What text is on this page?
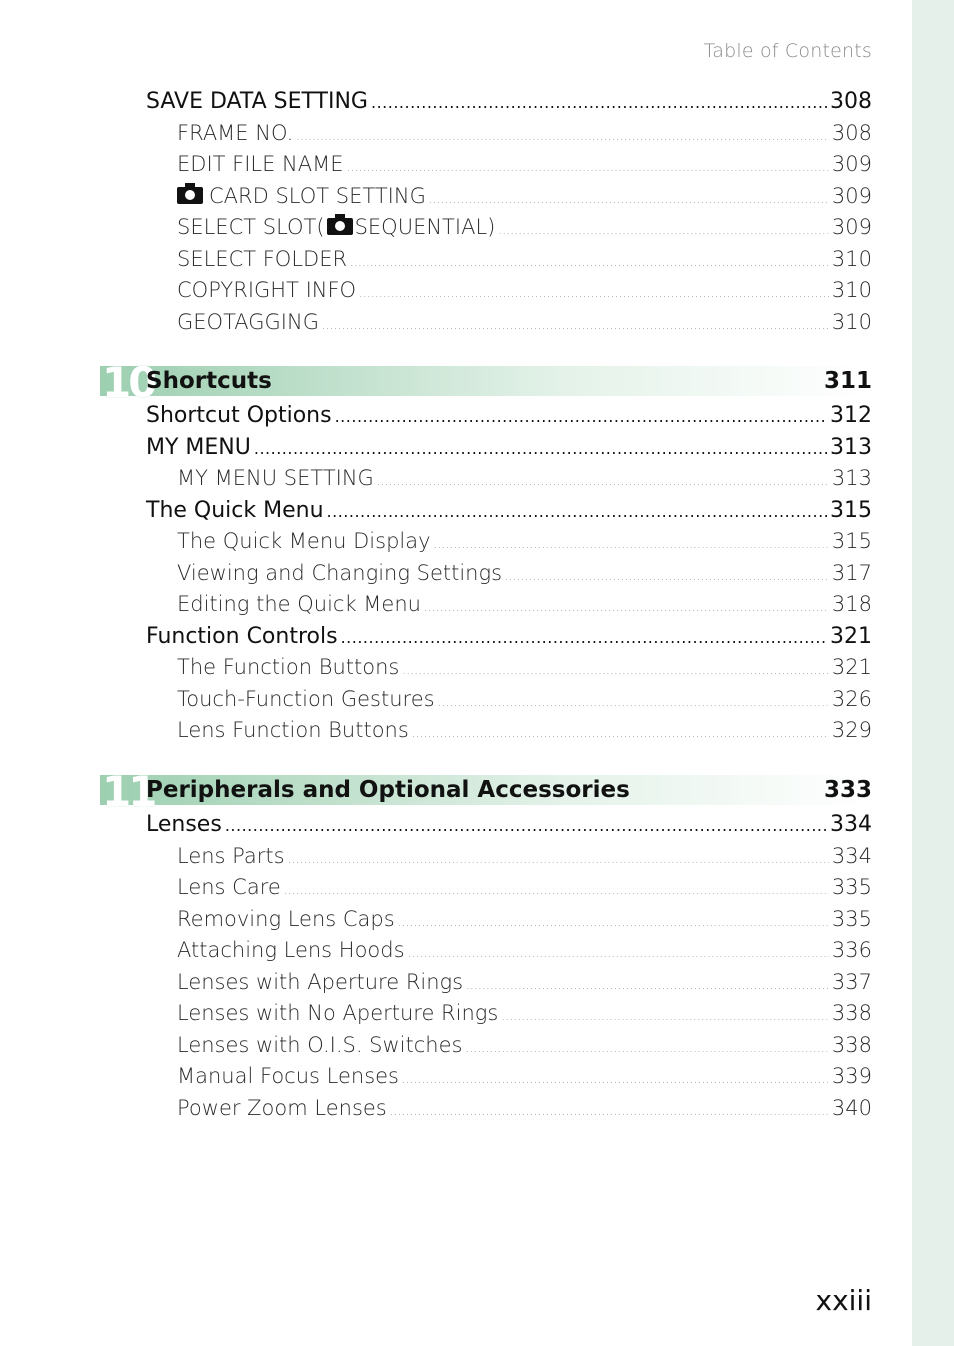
Table of Contents
SAVE DATA SETTING .....	308
FRAME NO. .....	308
EDIT FILE NAME .....	309
CARD SLOT SETTING .....	309
SELECT SLOT( SEQUENTIAL) .....	309
SELECT FOLDER .....	310
COPYRIGHT INFO .....	310
GEOTAGGING .....	310
10
Shortcuts	311
Shortcut Options .....	312
MY MENU .....	313
MY MENU SETTING .....	313
The Quick Menu .....	315
The Quick Menu Display .....	315
Viewing and Changing Settings .....	317
Editing the Quick Menu .....	318
Function Controls .....	321
The Function Buttons .....	321
Touch-Function Gestures .....	326
Lens Function Buttons .....	329
11
Peripherals and Optional Accessories	333
Lenses .....	334
Lens Parts .....	334
Lens Care .....	335
Removing Lens Caps .....	335
Attaching Lens Hoods .....	336
Lenses with Aperture Rings .....	337
Lenses with No Aperture Rings .....	338
Lenses with O.I.S. Switches .....	338
Manual Focus Lenses .....	339
Power Zoom Lenses .....	340
xxiii
